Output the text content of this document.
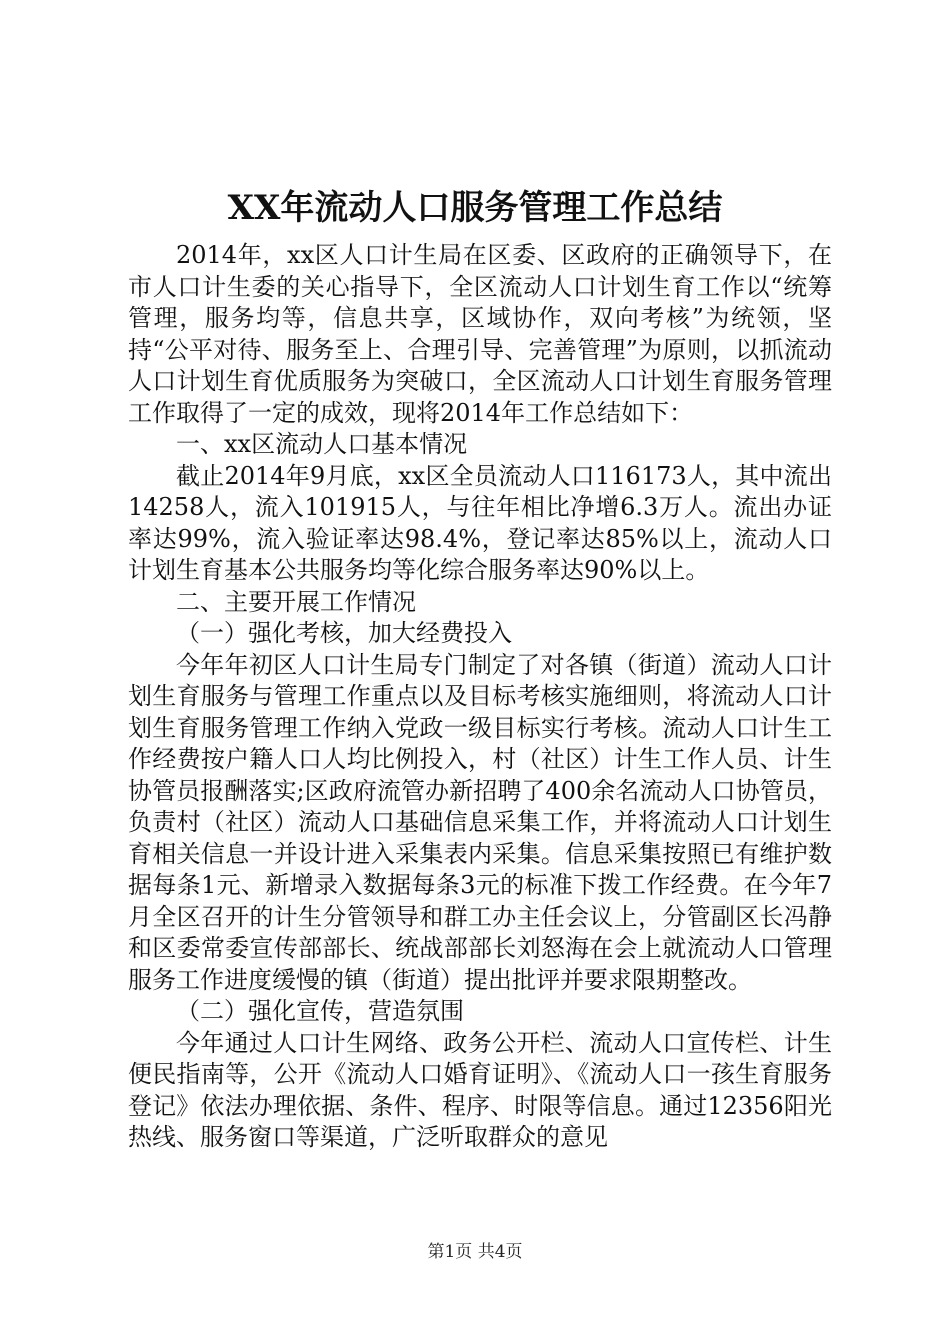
XX年流动人口服务管理工作总结

2014年，xx区人口计生局在区委、区政府的正确领导下，在市人口计生委的关心指导下，全区流动人口计划生育工作以“统筹管理，服务均等，信息共享，区域协作，双向考核”为统领，坚持“公平对待、服务至上、合理引导、完善管理”为原则，以抓流动人口计划生育优质服务为突破口，全区流动人口计划生育服务管理工作取得了一定的成效，现将2014年工作总结如下：

一、xx区流动人口基本情况

截止2014年9月底，xx区全员流动人口116173人，其中流出14258人，流入101915人，与往年相比净增6.3万人。流出办证率达99%，流入验证率达98.4%，登记率达85%以上，流动人口计划生育基本公共服务均等化综合服务率达90%以上。

二、主要开展工作情况

（一）强化考核，加大经费投入

今年年初区人口计生局专门制定了对各镇（街道）流动人口计划生育服务与管理工作重点以及目标考核实施细则，将流动人口计划生育服务管理工作纳入党政一级目标实行考核。流动人口计生工作经费按户籍人口人均比例投入，村（社区）计生工作人员、计生协管员报酬落实;区政府流管办新招聘了400余名流动人口协管员，负责村（社区）流动人口基础信息采集工作，并将流动人口计划生育相关信息一并设计进入采集表内采集。信息采集按照已有维护数据每条1元、新增录入数据每条3元的标准下拨工作经费。在今年7月全区召开的计生分管领导和群工办主任会议上，分管副区长冯静和区委常委宣传部部长、统战部部长刘怒海在会上就流动人口管理服务工作进度缓慢的镇（街道）提出批评并要求限期整改。

（二）强化宣传，营造氛围

今年通过人口计生网络、政务公开栏、流动人口宣传栏、计生便民指南等，公开《流动人口婚育证明》、《流动人口一孩生育服务登记》依法办理依据、条件、程序、时限等信息。通过12356阳光热线、服务窗口等渠道，广泛听取群众的意见

第1页 共4页
